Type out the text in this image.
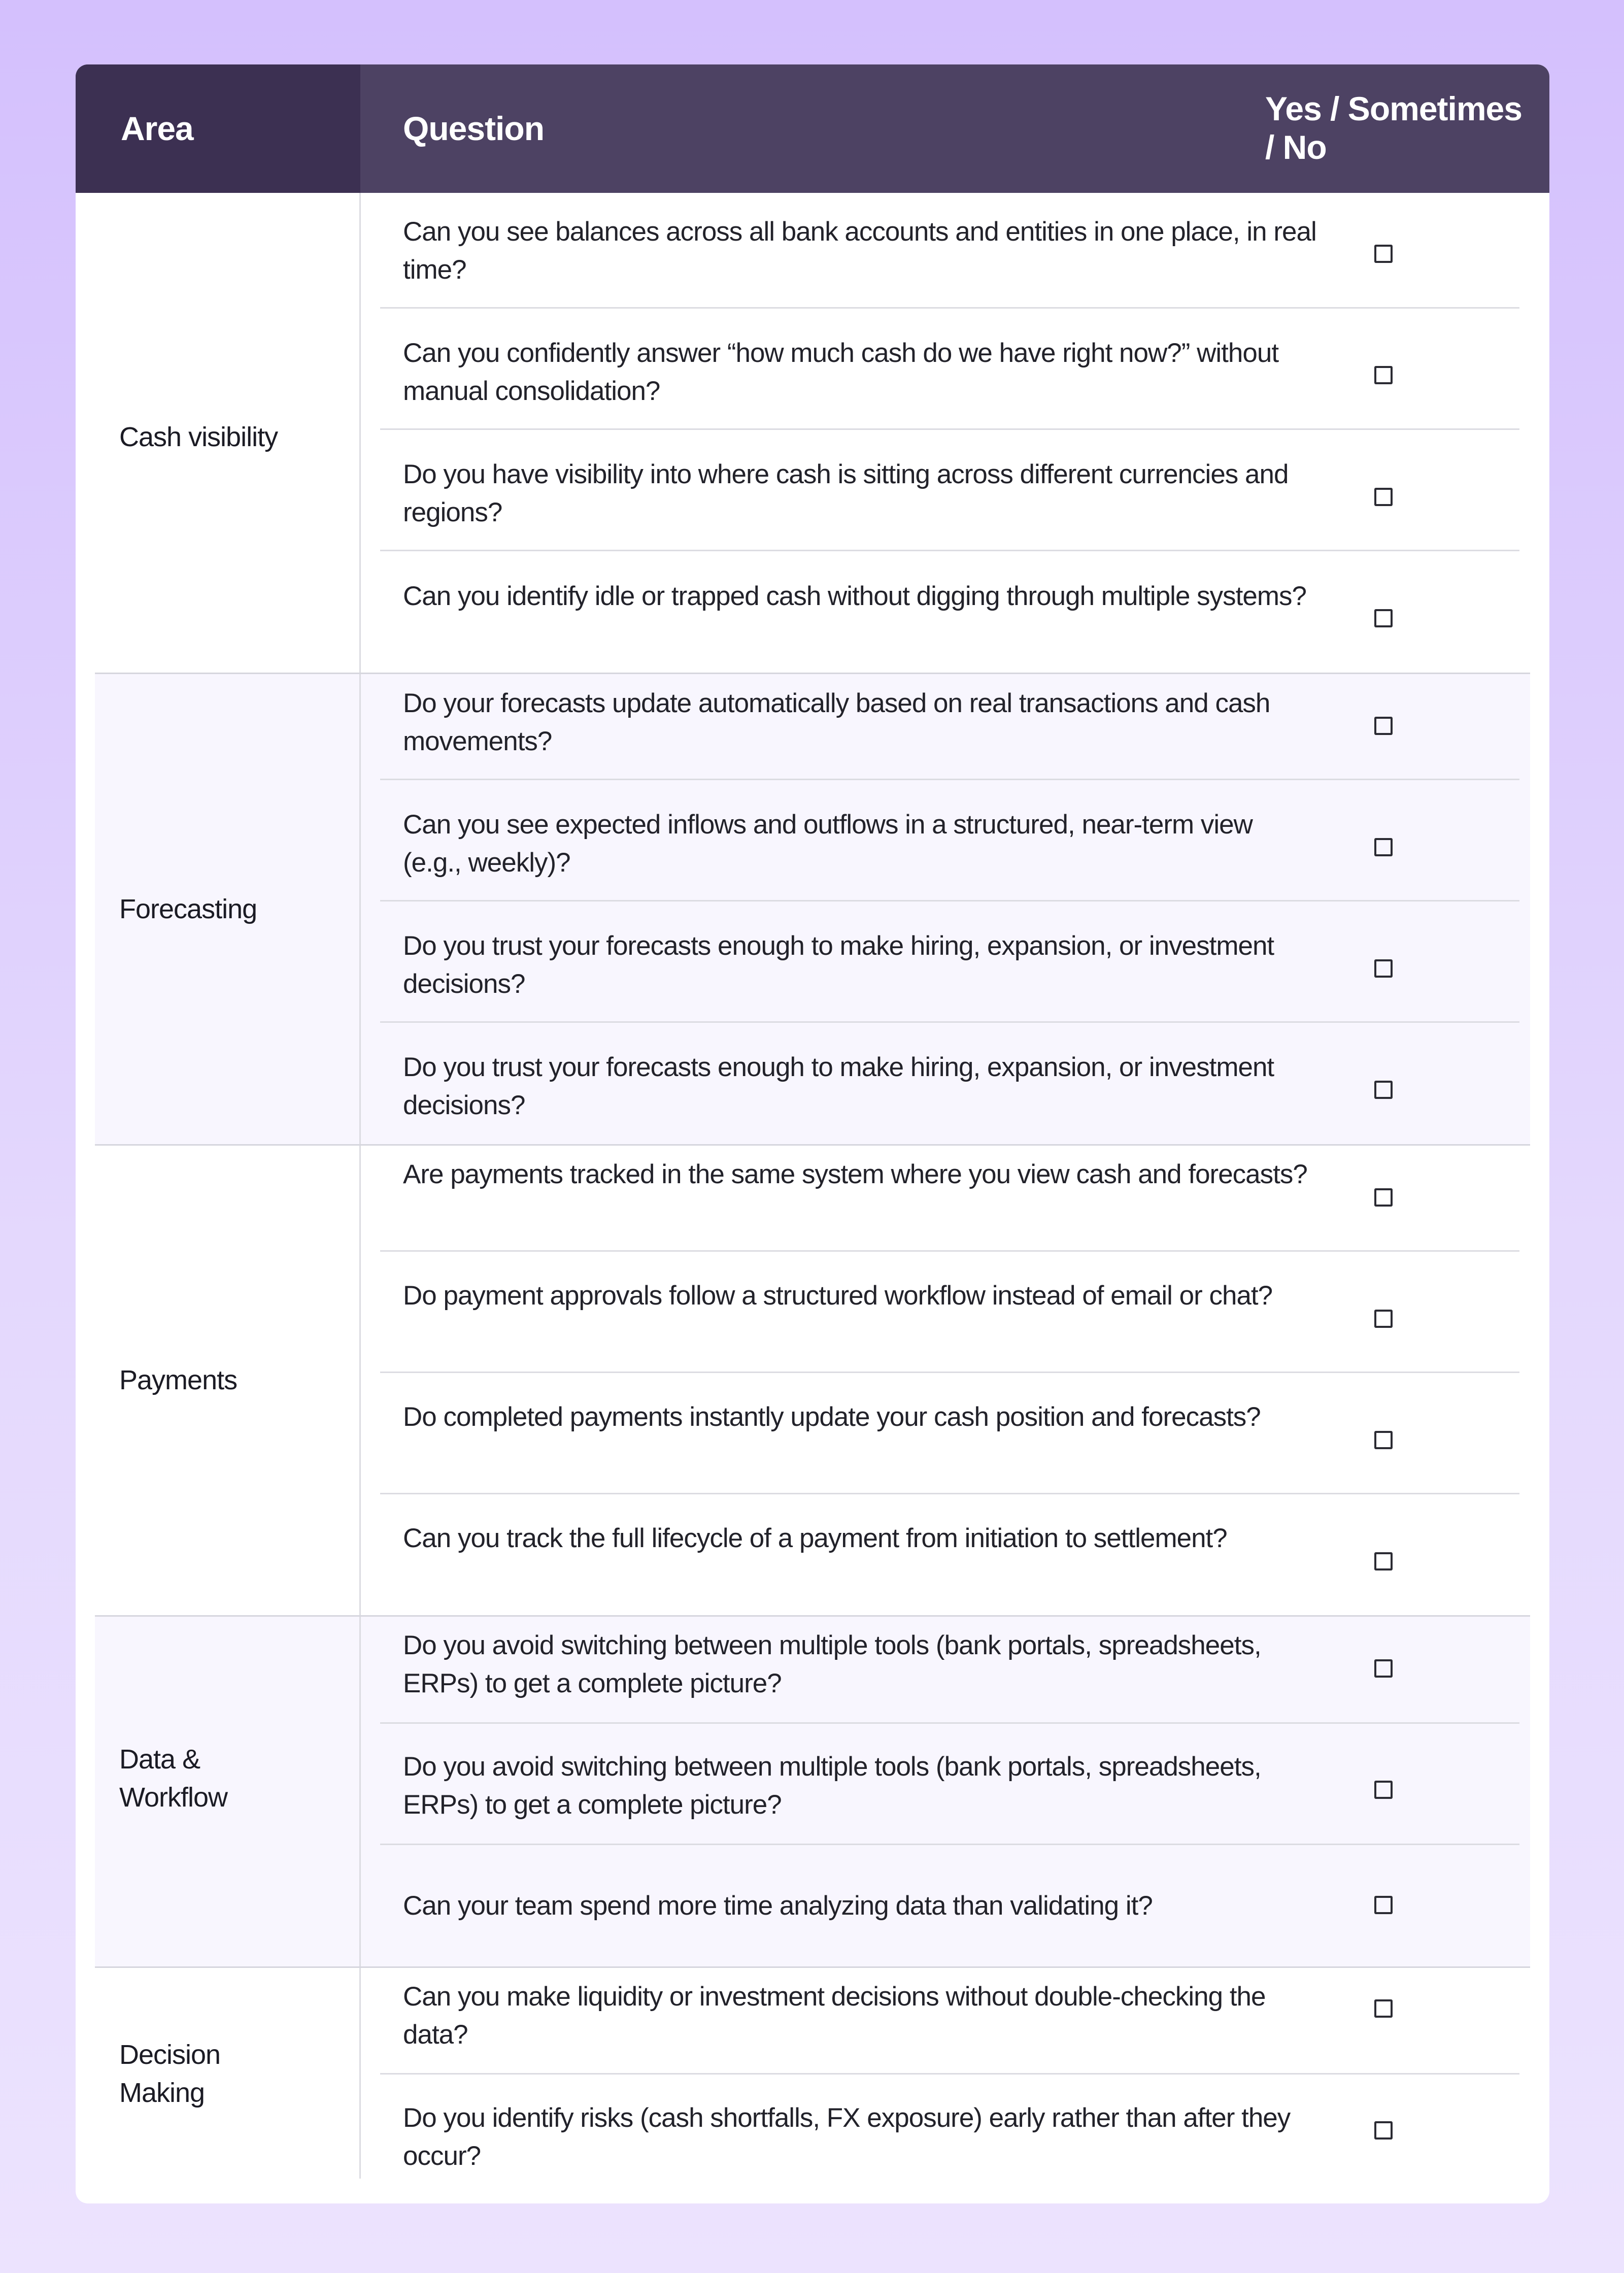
Area	Question
Yes / Sometimes / No
Cash visibility
Forecasting
Payments
Data & Workflow
Decision Making
Can you see balances across all bank accounts and entities in one place, in real time?
Can you confidently answer “how much cash do we have right now?” without manual consolidation?
Do you have visibility into where cash is sitting across different currencies and regions?
Can you identify idle or trapped cash without digging through multiple systems?
Do your forecasts update automatically based on real transactions and cash movements?
Can you see expected inflows and outflows in a structured, near-term view (e.g., weekly)?
Do you trust your forecasts enough to make hiring, expansion, or investment decisions?
Do you trust your forecasts enough to make hiring, expansion, or investment decisions?
Are payments tracked in the same system where you view cash and forecasts?
Do payment approvals follow a structured workflow instead of email or chat?
Do completed payments instantly update your cash position and forecasts?
Can you track the full lifecycle of a payment from initiation to settlement?
Do you avoid switching between multiple tools (bank portals, spreadsheets, ERPs) to get a complete picture?
Do you avoid switching between multiple tools (bank portals, spreadsheets, ERPs) to get a complete picture?
Can your team spend more time analyzing data than validating it?
Can you make liquidity or investment decisions without double-checking the data?
Do you identify risks (cash shortfalls, FX exposure) early rather than after they occur?
